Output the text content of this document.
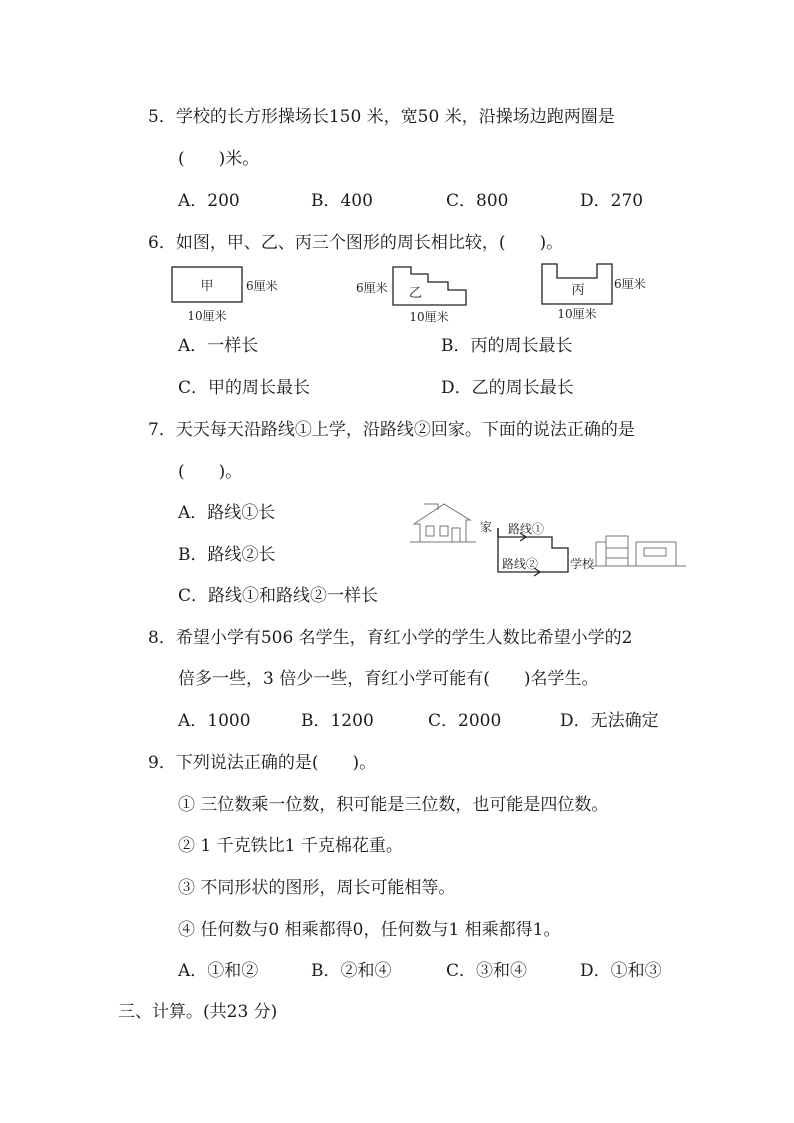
5．学校的长方形操场长150 米，宽50 米，沿操场边跑两圈是
(　　)米。
A．200	B．400	C．800	D．270
6．如图，甲、乙、丙三个图形的周长相比较，(　　)。
甲	6厘米
10厘米
乙
6厘米
10厘米
丙 6厘米
10厘米
A．一样长	B．丙的周长最长
C．甲的周长最长	D．乙的周长最长
7．天天每天沿路线①上学，沿路线②回家。下面的说法正确的是
(　　)。
A．路线①长
B．路线②长
C．路线①和路线②一样长
家 路线①
路线②	学校
8．希望小学有506 名学生，育红小学的学生人数比希望小学的2
倍多一些，3 倍少一些，育红小学可能有(　　)名学生。
A．1000	B．1200	C．2000	D．无法确定
9．下列说法正确的是(　　)。
① 三位数乘一位数，积可能是三位数，也可能是四位数。
② 1 千克铁比1 千克棉花重。
③ 不同形状的图形，周长可能相等。
④ 任何数与0 相乘都得0，任何数与1 相乘都得1。
A．①和②	B．②和④	C．③和④	D．①和③
三、计算。(共23 分)
